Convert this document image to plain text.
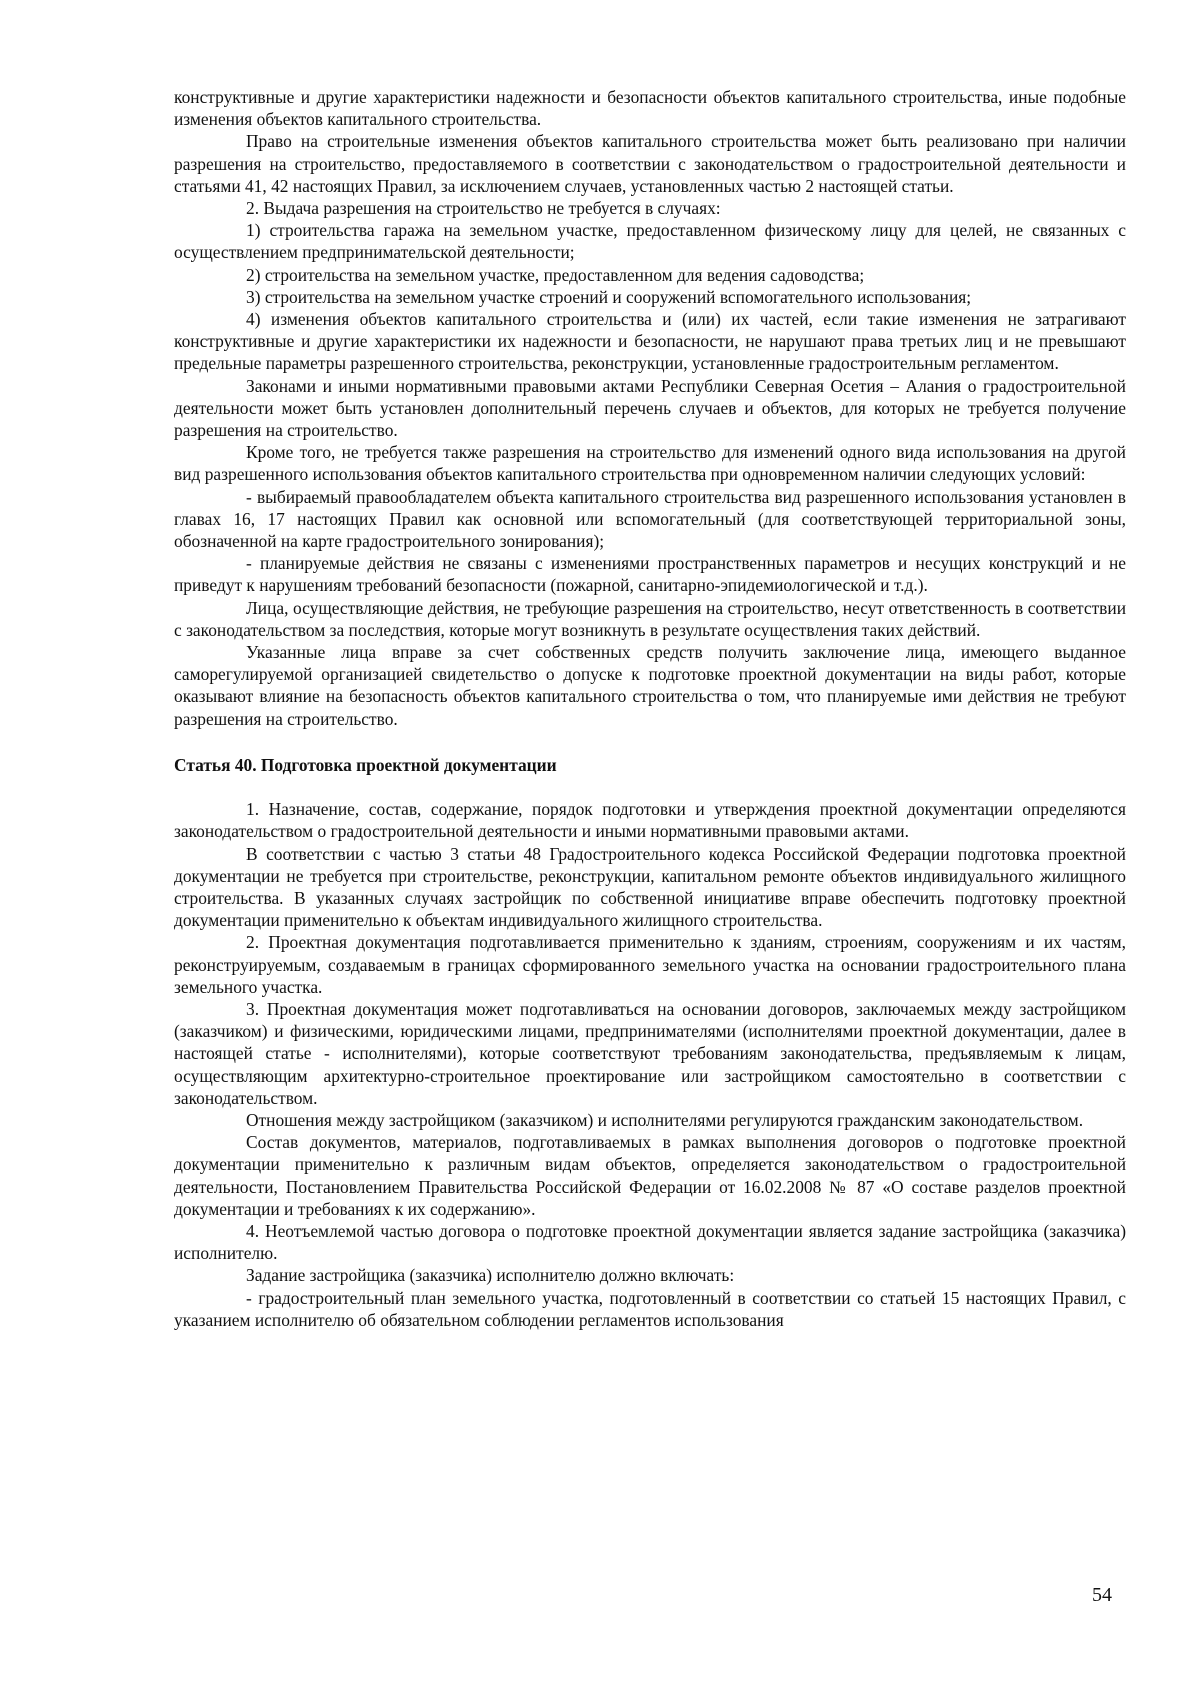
конструктивные и другие характеристики надежности и безопасности объектов капитального строительства, иные подобные изменения объектов капитального строительства.

Право на строительные изменения объектов капитального строительства может быть реализовано при наличии разрешения на строительство, предоставляемого в соответствии с законодательством о градостроительной деятельности и статьями 41, 42 настоящих Правил, за исключением случаев, установленных частью 2 настоящей статьи.

2. Выдача разрешения на строительство не требуется в случаях:

1) строительства гаража на земельном участке, предоставленном физическому лицу для целей, не связанных с осуществлением предпринимательской деятельности;

2) строительства на земельном участке, предоставленном для ведения садоводства;

3) строительства на земельном участке строений и сооружений вспомогательного использования;

4) изменения объектов капитального строительства и (или) их частей, если такие изменения не затрагивают конструктивные и другие характеристики их надежности и безопасности, не нарушают права третьих лиц и не превышают предельные параметры разрешенного строительства, реконструкции, установленные градостроительным регламентом.

Законами и иными нормативными правовыми актами Республики Северная Осетия – Алания о градостроительной деятельности может быть установлен дополнительный перечень случаев и объектов, для которых не требуется получение разрешения на строительство.

Кроме того, не требуется также разрешения на строительство для изменений одного вида использования на другой вид разрешенного использования объектов капитального строительства при одновременном наличии следующих условий:

- выбираемый правообладателем объекта капитального строительства вид разрешенного использования установлен в главах 16, 17 настоящих Правил как основной или вспомогательный (для соответствующей территориальной зоны, обозначенной на карте градостроительного зонирования);

- планируемые действия не связаны с изменениями пространственных параметров и несущих конструкций и не приведут к нарушениям требований безопасности (пожарной, санитарно-эпидемиологической и т.д.).

Лица, осуществляющие действия, не требующие разрешения на строительство, несут ответственность в соответствии с законодательством за последствия, которые могут возникнуть в результате осуществления таких действий.

Указанные лица вправе за счет собственных средств получить заключение лица, имеющего выданное саморегулируемой организацией свидетельство о допуске к подготовке проектной документации на виды работ, которые оказывают влияние на безопасность объектов капитального строительства о том, что планируемые ими действия не требуют разрешения на строительство.

Статья 40. Подготовка проектной документации

1. Назначение, состав, содержание, порядок подготовки и утверждения проектной документации определяются законодательством о градостроительной деятельности и иными нормативными правовыми актами.

В соответствии с частью 3 статьи 48 Градостроительного кодекса Российской Федерации подготовка проектной документации не требуется при строительстве, реконструкции, капитальном ремонте объектов индивидуального жилищного строительства. В указанных случаях застройщик по собственной инициативе вправе обеспечить подготовку проектной документации применительно к объектам индивидуального жилищного строительства.

2. Проектная документация подготавливается применительно к зданиям, строениям, сооружениям и их частям, реконструируемым, создаваемым в границах сформированного земельного участка на основании градостроительного плана земельного участка.

3. Проектная документация может подготавливаться на основании договоров, заключаемых между застройщиком (заказчиком) и физическими, юридическими лицами, предпринимателями (исполнителями проектной документации, далее в настоящей статье - исполнителями), которые соответствуют требованиям законодательства, предъявляемым к лицам, осуществляющим архитектурно-строительное проектирование или застройщиком самостоятельно в соответствии с законодательством.

Отношения между застройщиком (заказчиком) и исполнителями регулируются гражданским законодательством.

Состав документов, материалов, подготавливаемых в рамках выполнения договоров о подготовке проектной документации применительно к различным видам объектов, определяется законодательством о градостроительной деятельности, Постановлением Правительства Российской Федерации от 16.02.2008 № 87 «О составе разделов проектной документации и требованиях к их содержанию».

4. Неотъемлемой частью договора о подготовке проектной документации является задание застройщика (заказчика) исполнителю.

Задание застройщика (заказчика) исполнителю должно включать:

- градостроительный план земельного участка, подготовленный в соответствии со статьей 15 настоящих Правил, с указанием исполнителю об обязательном соблюдении регламентов использования

54
